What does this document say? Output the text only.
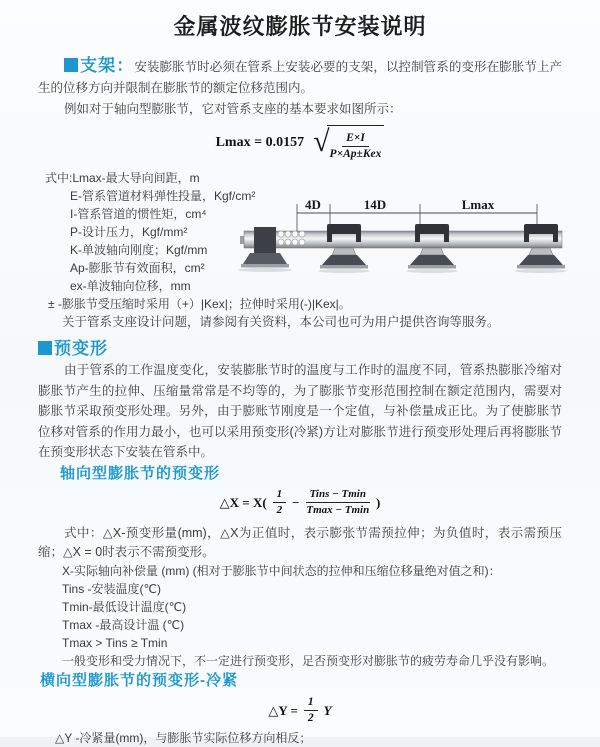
金属波纹膨胀节安装说明

支架：安装膨胀节时必须在管系上安装必要的支架，以控制管系的变形在膨胀节上产生的位移方向并限制在膨胀节的额定位移范围内。

例如对于轴向型膨胀节，它对管系支座的基本要求如图所示：

Lmax = 0.0157 √ $\frac{E\times I}{\text{P×Ap±Kex}}$

式中:Lmax-最大导向间距，m

E-管系管道材料弹性投量，Kgf/cm²

I-管系管道的惯性矩，cm⁴

P-设计压力，Kgf/mm²

K-单波轴向刚度；Kgf/mm

Ap-膨胀节有效面积，cm²

ex-单波轴向位移，mm

± -膨胀节受压缩时采用（+）|Kex|；拉伸时采用(-)|Kex|。

关于管系支座设计问题，请参阅有关资料，本公司也可为用户提供咨询等服务。

4D	14D	Lmax
预变形

由于管系的工作温度变化，安装膨胀节时的温度与工作时的温度不同，管系热膨胀冷缩对膨胀节产生的拉伸、压缩量常常是不均等的，为了膨胀节变形范围控制在额定范围内，需要对膨胀节采取预变形处理。另外，由于膨账节刚度是一个定值，与补偿量成正比。为了使膨胀节位移对管系的作用力最小，也可以采用预变形(冷紧)方让对膨胀节进行预变形处理后再将膨胀节在预变形状态下安装在管系中。

轴向型膨胀节的预变形
△X = $X( \frac{1}{2} - \frac{\text{Tins − Tmin}}{Tmax - Tmin}$ )

式中：△X-预变形量(mm)，△X为正值时，表示膨张节需预拉伸；为负值时，表示需预压缩；△X = 0时表示不需预变形。

X-实际轴向补偿量 (mm) (相对于膨胀节中间状态的拉伸和压缩位移量绝对值之和)：

Tins -安装温度(℃)

Tmin-最低设计温度(℃)

Tmax -最高设计温 (℃)

Tmax > Tins ≥ Tmin

一般变形和受力情况下，不一定进行预变形，足否预变形对膨胀节的疲劳寿命几乎没有影响。

横向型膨胀节的预变形-冷紧
△Y = $\frac{1}{2}$ Y

△Y -冷紧量(mm)，与膨胀节实际位移方向相反；
